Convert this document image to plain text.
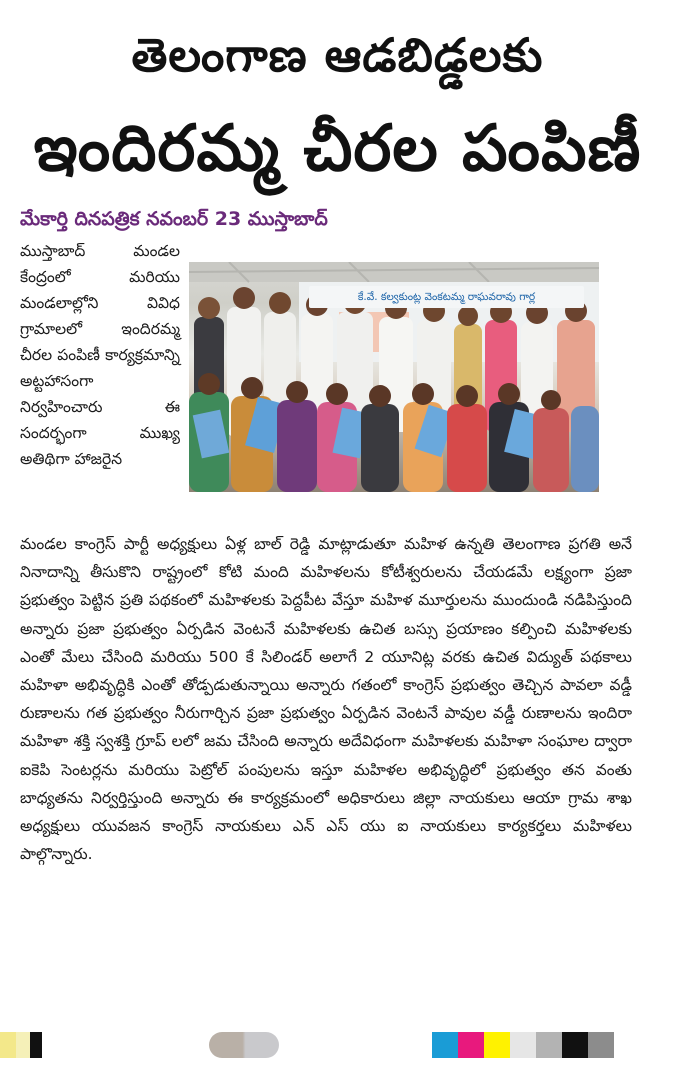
తెలంగాణ ఆడబిడ్డలకు
ఇందిరమ్మ చీరల పంపిణీ

మేకార్తి దినపత్రిక నవంబర్ 23 ముస్తాబాద్

ముస్తాబాద్ మండల కేంద్రంలో మరియు మండలాల్లోని వివిధ గ్రామాలలో ఇందిరమ్మ చీరల పంపిణీ కార్యక్రమాన్ని అట్టహాసంగా నిర్వహించారు ఈ సందర్భంగా ముఖ్య అతిథిగా హాజరైన

కే.వే. కల్వకుంట్ల వెంకటమ్మ రాఘవరావు గార్ల

మండల కాంగ్రెస్ పార్టీ అధ్యక్షులు ఏళ్ల బాల్ రెడ్డి మాట్లాడుతూ మహిళ ఉన్నతి తెలంగాణ ప్రగతి అనే నినాదాన్ని తీసుకొని రాష్ట్రంలో కోటి మంది మహిళలను కోటీశ్వరులను చేయడమే లక్ష్యంగా ప్రజా ప్రభుత్వం పెట్టిన ప్రతి పథకంలో మహిళలకు పెద్దపీట వేస్తూ మహిళ మూర్తులను ముందుండి నడిపిస్తుంది అన్నారు ప్రజా ప్రభుత్వం ఏర్పడిన వెంటనే మహిళలకు ఉచిత బస్సు ప్రయాణం కల్పించి మహిళలకు ఎంతో మేలు చేసింది మరియు 500 కే సిలిండర్ అలాగే 2 యూనిట్ల వరకు ఉచిత విద్యుత్ పథకాలు మహిళా అభివృద్ధికి ఎంతో తోడ్పడుతున్నాయి అన్నారు గతంలో కాంగ్రెస్ ప్రభుత్వం తెచ్చిన పావలా వడ్డీ రుణాలను గత ప్రభుత్వం నీరుగార్చిన ప్రజా ప్రభుత్వం ఏర్పడిన వెంటనే పావుల వడ్డీ రుణాలను ఇందిరా మహిళా శక్తి స్వశక్తి గ్రూప్ లలో జమ చేసింది అన్నారు అదేవిధంగా మహిళలకు మహిళా సంఘాల ద్వారా ఐకెపి సెంటర్లను మరియు పెట్రోల్ పంపులను ఇస్తూ మహిళల అభివృద్ధిలో ప్రభుత్వం తన వంతు బాధ్యతను నిర్వర్తిస్తుంది అన్నారు ఈ కార్యక్రమంలో అధికారులు జిల్లా నాయకులు ఆయా గ్రామ శాఖ అధ్యక్షులు యువజన కాంగ్రెస్ నాయకులు ఎన్ ఎస్ యు ఐ నాయకులు కార్యకర్తలు మహిళలు పాల్గొన్నారు.
